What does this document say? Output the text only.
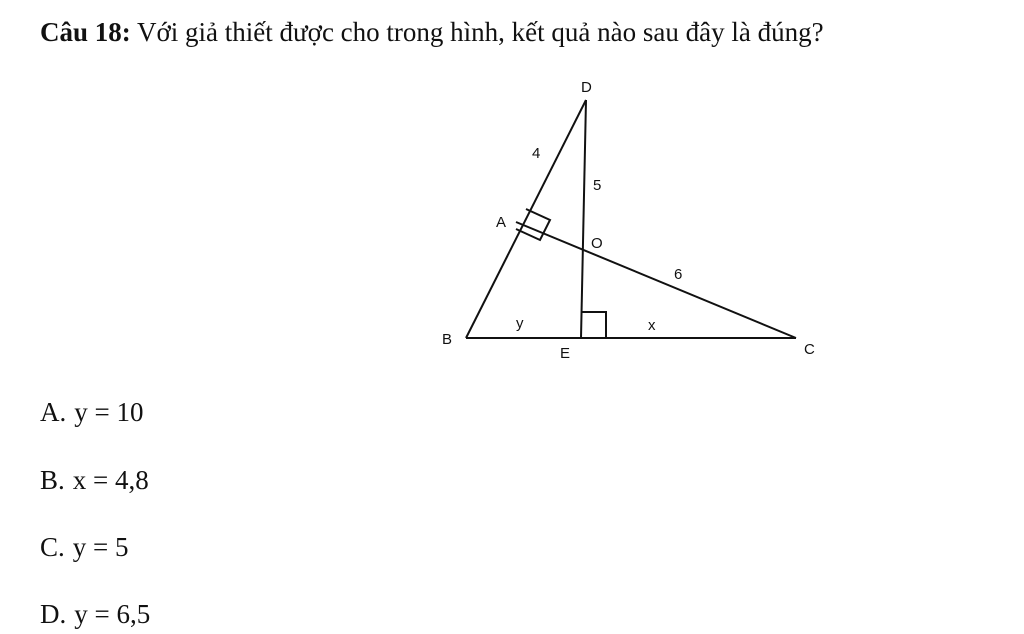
Câu 18: Với giả thiết được cho trong hình, kết quả nào sau đây là đúng?
D
A
O
B
E	C
4
5
6
y	x
A. y = 10
B. x = 4,8
C. y = 5
D. y = 6,5
